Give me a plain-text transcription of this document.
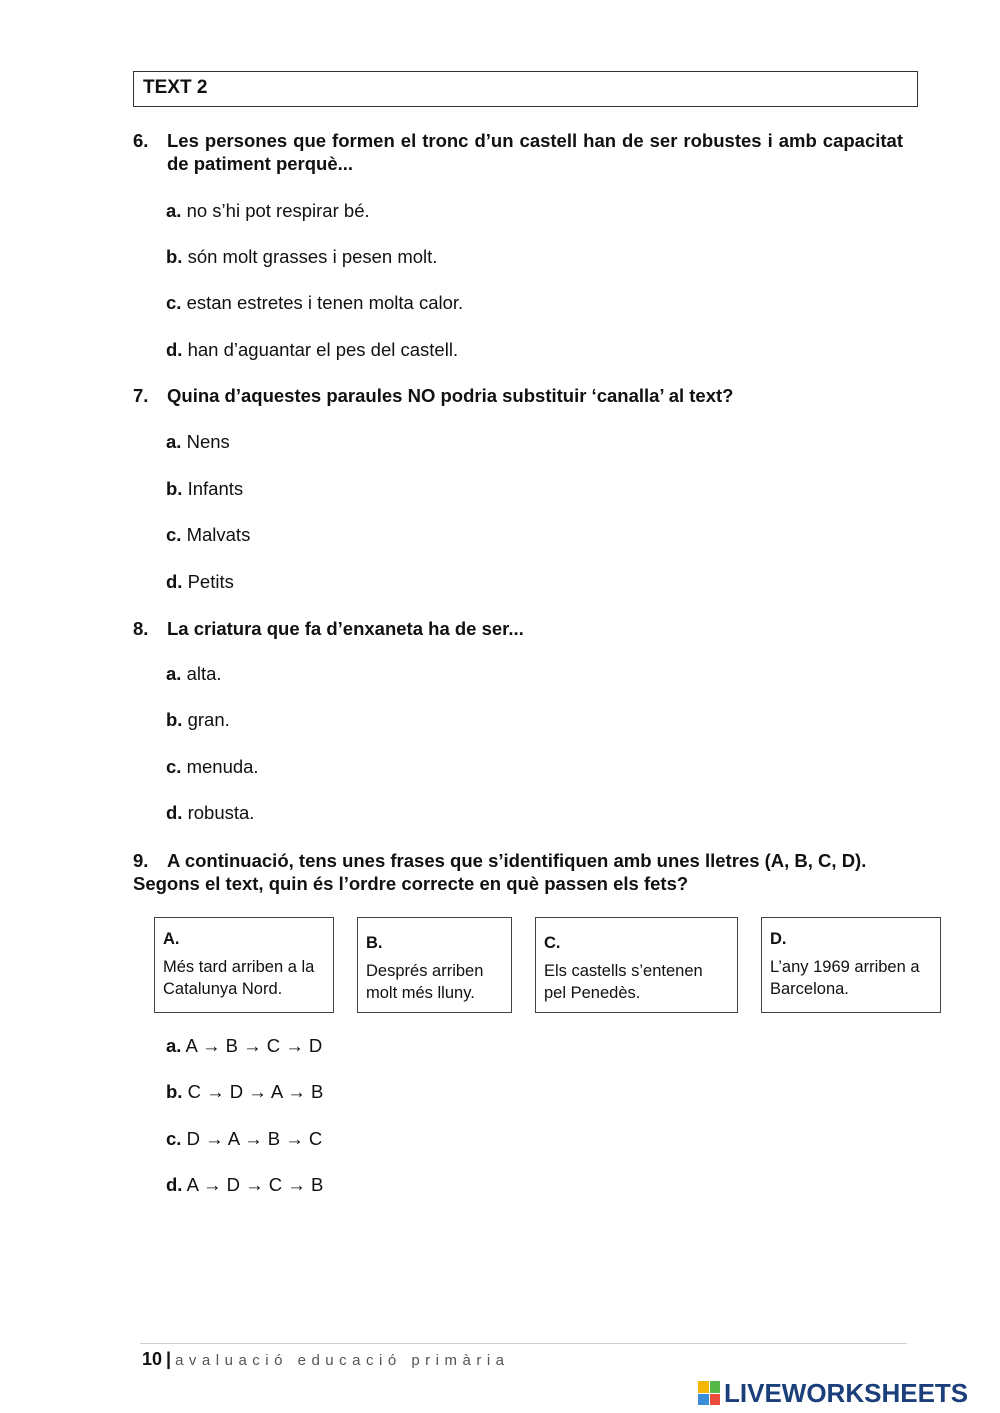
TEXT 2
6.	Les persones que formen el tronc d’un castell han de ser robustes i amb capacitat de patiment perquè...
a. no s’hi pot respirar bé.
b. són molt grasses i pesen molt.
c. estan estretes i tenen molta calor.
d. han d’aguantar el pes del castell.
7.	Quina d’aquestes paraules NO podria substituir ‘canalla’ al text?
a. Nens
b. Infants
c. Malvats
d. Petits
8.	La criatura que fa d’enxaneta ha de ser...
a. alta.
b. gran.
c. menuda.
d. robusta.
9.	A continuació, tens unes frases que s’identifiquen amb unes lletres (A, B, C, D). Segons el text, quin és l’ordre correcte en què passen els fets?
A.
Més tard arriben a la Catalunya Nord.
B.
Després arriben molt més lluny.
C.
Els castells s’entenen pel Penedès.
D.
L’any 1969 arriben a Barcelona.
a. A → B → C → D
b. C → D → A → B
c. D → A → B → C
d. A → D → C → B
10 | avaluació educació primària
LIVEWORKSHEETS
